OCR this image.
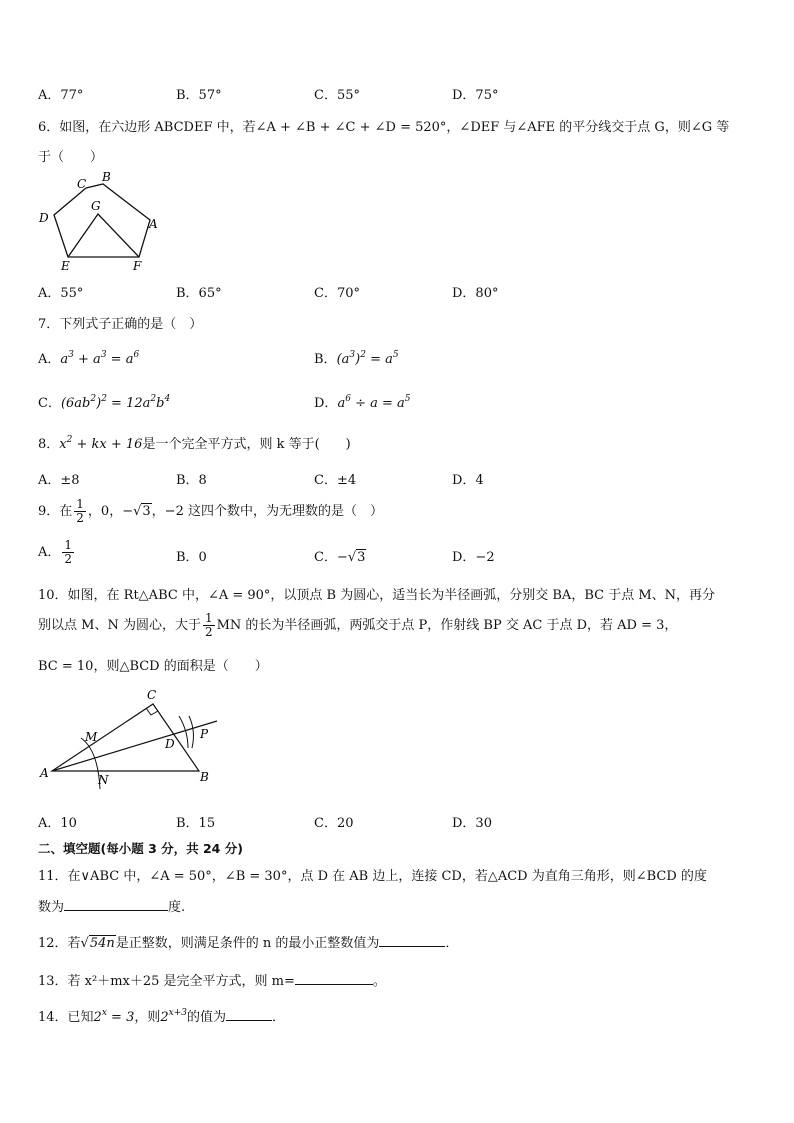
A．77°	B．57°	C．55°	D．75°
6．如图，在六边形 ABCDEF 中，若∠A + ∠B + ∠C + ∠D = 520°，∠DEF 与∠AFE 的平分线交于点 G，则∠G 等
于（　　）
C B
D
G
A
E	F
A．55°	B．65°	C．70°	D．80°
7．下列式子正确的是（　）
A．$a^3 + a^3 = a^6$	B．$(a^3)^2 = a^5$
C．$(6ab^2)^2 = 12a^2b^4$	D．$a^6 \div a = a^5$
8．$x^2$ + kx + 16是一个完全平方式，则 k 等于(　　)
A．±8	B．8	C．±4	D．4
9．在 $\frac{1}{2}$ ，0，−√3，−2 这四个数中，为无理数的是（　）
A． $\frac{1}{2}$	B．0	C．−√3	D．−2
10．如图，在 Rt△ABC 中，∠A = 90°，以顶点 B 为圆心，适当长为半径画弧，分别交 BA，BC 于点 M、N，再分
别以点 M、N 为圆心，大于 $\frac{1}{2}$ MN 的长为半径画弧，两弧交于点 P，作射线 BP 交 AC 于点 D，若 AD = 3，
BC = 10，则△BCD 的面积是（　　）
C
M	D
P
A	N	B
A．10	B．15	C．20	D．30
二、填空题(每小题 3 分，共 24 分)
11．在∨ABC 中，∠A = 50°，∠B = 30°，点 D 在 AB 边上，连接 CD，若△ACD 为直角三角形，则∠BCD 的度
数为	度.
12．若√54n是正整数，则满足条件的 n 的最小正整数值为	．
13．若 x²＋mx＋25 是完全平方式，则 m=	。
14．已知$2^x = 3$，则$2^{x+3}$的值为	．
